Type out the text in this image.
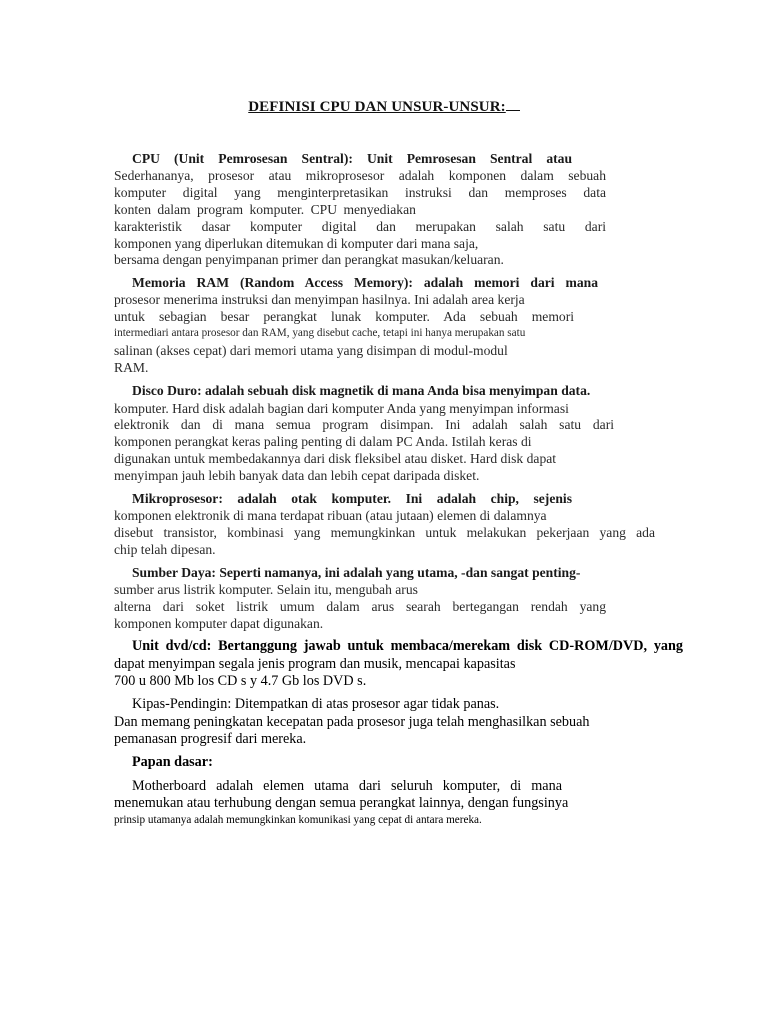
DEFINISI CPU DAN UNSUR-UNSUR:
CPU (Unit Pemrosesan Sentral): Unit Pemrosesan Sentral atau
Sederhananya, prosesor atau mikroprosesor adalah komponen dalam sebuah
komputer digital yang menginterpretasikan instruksi dan memproses data
konten dalam program komputer. CPU menyediakan
karakteristik dasar komputer digital dan merupakan salah satu dari
komponen yang diperlukan ditemukan di komputer dari mana saja,
bersama dengan penyimpanan primer dan perangkat masukan/keluaran.
Memoria RAM (Random Access Memory): adalah memori dari mana
prosesor menerima instruksi dan menyimpan hasilnya. Ini adalah area kerja
untuk sebagian besar perangkat lunak komputer. Ada sebuah memori
intermediari antara prosesor dan RAM, yang disebut cache, tetapi ini hanya merupakan satu
salinan (akses cepat) dari memori utama yang disimpan di modul-modul
RAM.
Disco Duro: adalah sebuah disk magnetik di mana Anda bisa menyimpan data.
komputer. Hard disk adalah bagian dari komputer Anda yang menyimpan informasi
elektronik dan di mana semua program disimpan. Ini adalah salah satu dari
komponen perangkat keras paling penting di dalam PC Anda. Istilah keras di
digunakan untuk membedakannya dari disk fleksibel atau disket. Hard disk dapat
menyimpan jauh lebih banyak data dan lebih cepat daripada disket.
Mikroprosesor: adalah otak komputer. Ini adalah chip, sejenis
komponen elektronik di mana terdapat ribuan (atau jutaan) elemen di dalamnya
disebut transistor, kombinasi yang memungkinkan untuk melakukan pekerjaan yang ada
chip telah dipesan.
Sumber Daya: Seperti namanya, ini adalah yang utama, -dan sangat penting-
sumber arus listrik komputer. Selain itu, mengubah arus
alterna dari soket listrik umum dalam arus searah bertegangan rendah yang
komponen komputer dapat digunakan.
Unit dvd/cd: Bertanggung jawab untuk membaca/merekam disk CD-ROM/DVD, yang
dapat menyimpan segala jenis program dan musik, mencapai kapasitas
700 u 800 Mb los CD s y 4.7 Gb los DVD s.
Kipas-Pendingin: Ditempatkan di atas prosesor agar tidak panas.
Dan memang peningkatan kecepatan pada prosesor juga telah menghasilkan sebuah
pemanasan progresif dari mereka.
Papan dasar:
Motherboard adalah elemen utama dari seluruh komputer, di mana
menemukan atau terhubung dengan semua perangkat lainnya, dengan fungsinya
prinsip utamanya adalah memungkinkan komunikasi yang cepat di antara mereka.
